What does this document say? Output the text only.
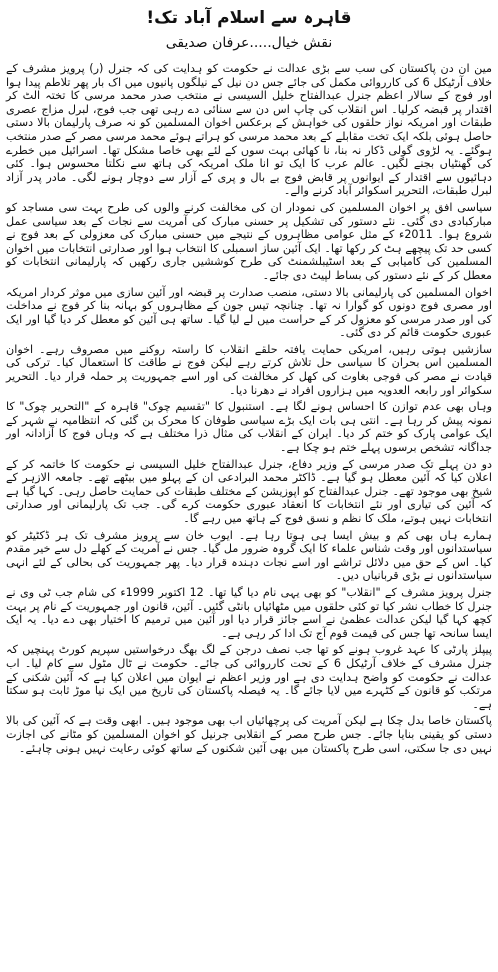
قاہرہ سے اسلام آباد تک!
نقش خیال.....عرفان صدیقی

مین ان دن پاکستان کی سب سے بڑی عدالت نے حکومت کو ہدایت کی کہ جنرل (ر) پرویز مشرف کے خلاف آرٹیکل 6 کی کارروائی مکمل کی جائے جس دن نیل کے نیلگوں پانیوں میں اک بار پھر تلاطم پیدا ہوا اور فوج کے سالار اعظم جنرل عبدالفتاح خلیل السیسی نے منتخب صدر محمد مرسی کا تختہ الٹ کر اقتدار پر قبضہ کرلیا۔ اس انقلاب کی چاپ اس دن سے سنائی دے رہی تھی جب فوج، لبرل مزاج عصری طبقات اور امریکہ نواز حلقوں کی خواہش کے برعکس اخوان المسلمین کو نہ صرف پارلیمان بالا دستی حاصل ہوئی بلکہ ایک تخت مقابلے کے بعد محمد مرسی کو ہراتے ہوئے محمد مرسی مصر کے صدر منتخب ہوگئے۔ یہ لڑوی گولی ڈکار نہ بنا، نا کھائی بہت سوں کے لئے بھی خاصا مشکل تھا۔ اسرائیل میں خطرے کی گھنٹیاں بجنے لگیں۔ عالم عرب کا ایک تو انا ملک امریکہ کی ہاتھ سے نکلتا محسوس ہوا۔ کئی دہائیوں سے اقتدار کے ایوانوں پر قابض فوج بے بال و پری کے آزار سے دوچار ہونے لگی۔ مادر پدر آزاد لبرل طبقات، التحریر اسکوائر آباد کرنے والے۔

سیاسی افق پر اخوان المسلمین کی نمودار ان کی مخالفت کرنے والوں کی طرح بہت سی مساجد کو مبارکبادی دی گئی۔ نئے دستور کی تشکیل پر حسنی مبارک کی آمریت سے نجات کے بعد سیاسی عمل شروع ہوا۔ 2011ء کے مثل عوامی مظاہروں کے نتیجے میں حسنی مبارک کی معزولی کے بعد فوج نے کسی حد تک پیچھے ہٹ کر رکھا تھا۔ ایک آئین ساز اسمبلی کا انتخاب ہوا اور صدارتی انتخابات میں اخوان المسلمین کی کامیابی کے بعد اسٹیبلشمنٹ کی طرح کوششیں جاری رکھیں کہ پارلیمانی انتخابات کو معطل کر کے نئے دستور کی بساط لپیٹ دی جائے۔

اخوان المسلمین کی پارلیمانی بالا دستی، منصب صدارت پر قبضہ اور آئین سازی میں موثر کردار امریکہ اور مصری فوج دونوں کو گوارا نہ تھا۔ چنانچہ تیس جون کے مظاہروں کو بہانہ بنا کر فوج نے مداخلت کی اور صدر مرسی کو معزول کر کے حراست میں لے لیا گیا۔ ساتھ ہی آئین کو معطل کر دیا گیا اور ایک عبوری حکومت قائم کر دی گئی۔

سازشیں ہوتی رہیں، امریکی حمایت یافتہ حلقے انقلاب کا راستہ روکنے میں مصروف رہے۔ اخوان المسلمین اس بحران کا سیاسی حل تلاش کرتے رہے لیکن فوج نے طاقت کا استعمال کیا۔ ترکی کی قیادت نے مصر کی فوجی بغاوت کی کھل کر مخالفت کی اور اسے جمہوریت پر حملہ قرار دیا۔ التحریر سکوائر اور رابعہ العدویہ میں ہزاروں افراد نے دھرنا دیا۔

وہاں بھی عدم توازن کا احساس ہونے لگا ہے۔ استنبول کا "تقسیم چوک" قاہرہ کے "التحریر چوک" کا نمونہ پیش کر رہا ہے۔ انتی ہی بات ایک بڑے سیاسی طوفان کا محرک بن گئی کہ انتظامیہ نے شہر کے ایک عوامی پارک کو ختم کر دیا۔ ایران کے انقلاب کی مثال ذرا مختلف ہے کہ وہاں فوج کا آزادانہ اور جداگانہ تشخص برسوں پہلے ختم ہو چکا ہے۔

دو دن پہلے تک صدر مرسی کے وزیر دفاع، جنرل عبدالفتاح خلیل السیسی نے حکومت کا خاتمہ کر کے اعلان کیا کہ آئین معطل ہو گیا ہے۔ ڈاکٹر محمد البرادعی ان کے پہلو میں بیٹھے تھے۔ جامعہ الازہر کے شیخ بھی موجود تھے۔ جنرل عبدالفتاح کو اپوزیشن کے مختلف طبقات کی حمایت حاصل رہی۔ کہا گیا ہے کہ آئین کی تیاری اور نئے انتخابات کا انعقاد عبوری حکومت کرے گی۔ جب تک پارلیمانی اور صدارتی انتخابات نہیں ہوتے، ملک کا نظم و نسق فوج کے ہاتھ میں رہے گا۔

ہمارے ہاں بھی کم و بیش ایسا ہی ہوتا رہا ہے۔ ایوب خان سے پرویز مشرف تک ہر ڈکٹیٹر کو سیاستدانوں اور وقت شناس علماء کا ایک گروہ ضرور مل گیا۔ جس نے آمریت کے کھلے دل سے خیر مقدم کیا۔ اس کے حق میں دلائل تراشے اور اسے نجات دہندہ قرار دیا۔ پھر جمہوریت کی بحالی کے لئے انہی سیاستدانوں نے بڑی قربانیاں دیں۔

جنرل پرویز مشرف کے "انقلاب" کو بھی یہی نام دیا گیا تھا۔ 12 اکتوبر 1999ء کی شام جب ٹی وی نے جنرل کا خطاب نشر کیا تو کئی حلقوں میں مٹھائیاں بانٹی گئیں۔ آئین، قانون اور جمہوریت کے نام پر بہت کچھ کہا گیا لیکن عدالت عظمیٰ نے اسے جائز قرار دیا اور آئین میں ترمیم کا اختیار بھی دے دیا۔ یہ ایک ایسا سانحہ تھا جس کی قیمت قوم آج تک ادا کر رہی ہے۔

پیپلز پارٹی کا عہد غروب ہونے کو تھا جب نصف درجن کے لگ بھگ درخواستیں سپریم کورٹ پہنچیں کہ جنرل مشرف کے خلاف آرٹیکل 6 کے تحت کارروائی کی جائے۔ حکومت نے ٹال مٹول سے کام لیا۔ اب عدالت نے حکومت کو واضح ہدایت دی ہے اور وزیر اعظم نے ایوان میں اعلان کیا ہے کہ آئین شکنی کے مرتکب کو قانون کے کٹہرے میں لایا جائے گا۔ یہ فیصلہ پاکستان کی تاریخ میں ایک نیا موڑ ثابت ہو سکتا ہے۔

پاکستان خاصا بدل چکا ہے لیکن آمریت کی پرچھائیاں اب بھی موجود ہیں۔ ابھی وقت ہے کہ آئین کی بالا دستی کو یقینی بنایا جائے۔ جس طرح مصر کے انقلابی جرنیل کو اخوان المسلمین کو مٹانے کی اجازت نہیں دی جا سکتی، اسی طرح پاکستان میں بھی آئین شکنوں کے ساتھ کوئی رعایت نہیں ہونی چاہئے۔
